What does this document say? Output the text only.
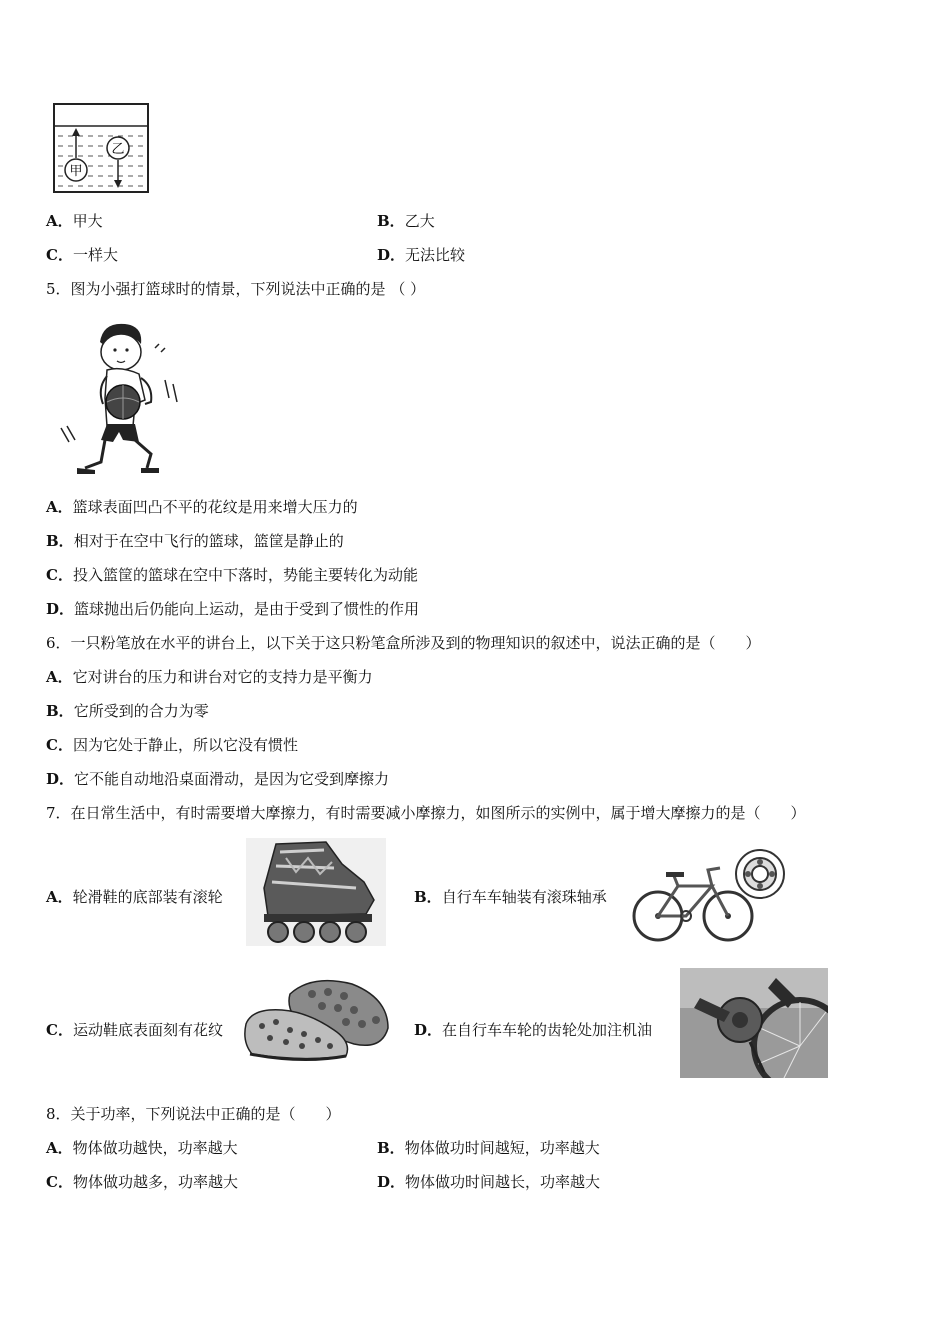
甲
乙
A．甲大	B．乙大
C．一样大	D．无法比较
5．图为小强打篮球时的情景，下列说法中正确的是 （ ）
A．篮球表面凹凸不平的花纹是用来增大压力的
B．相对于在空中飞行的篮球，篮筐是静止的
C．投入篮筐的篮球在空中下落时，势能主要转化为动能
D．篮球抛出后仍能向上运动，是由于受到了惯性的作用
6．一只粉笔放在水平的讲台上，以下关于这只粉笔盒所涉及到的物理知识的叙述中，说法正确的是（　　）
A．它对讲台的压力和讲台对它的支持力是平衡力
B．它所受到的合力为零
C．因为它处于静止，所以它没有惯性
D．它不能自动地沿桌面滑动，是因为它受到摩擦力
7．在日常生活中，有时需要增大摩擦力，有时需要减小摩擦力，如图所示的实例中，属于增大摩擦力的是（　　）
A．轮滑鞋的底部装有滚轮	B．自行车车轴装有滚珠轴承
C．运动鞋底表面刻有花纹	D．在自行车车轮的齿轮处加注机油
8．关于功率，下列说法中正确的是（　　）
A．物体做功越快，功率越大	B．物体做功时间越短，功率越大
C．物体做功越多，功率越大	D．物体做功时间越长，功率越大
